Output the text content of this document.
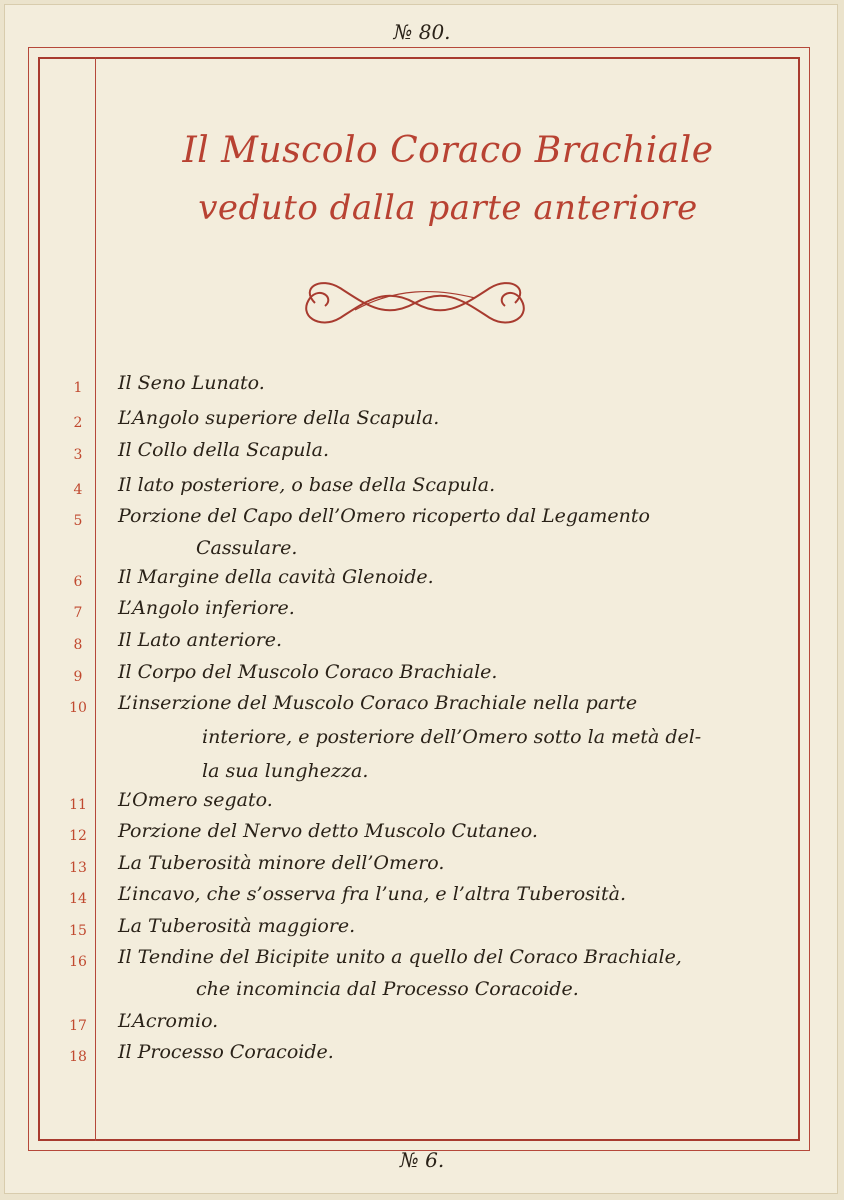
№ 80.
Il Muscolo Coraco Brachiale
veduto dalla parte anteriore
1	Il Seno Lunato.
2	L’Angolo superiore della Scapula.
3	Il Collo della Scapula.
4	Il lato posteriore, o base della Scapula.
5	Porzione del Capo dell’Omero ricoperto dal Legamento
Cassulare.
6	Il Margine della cavità Glenoide.
7	L’Angolo inferiore.
8	Il Lato anteriore.
9	Il Corpo del Muscolo Coraco Brachiale.
10	L’inserzione del Muscolo Coraco Brachiale nella parte
interiore, e posteriore dell’Omero sotto la metà del-
la sua lunghezza.
11	L’Omero segato.
12	Porzione del Nervo detto Muscolo Cutaneo.
13	La Tuberosità minore dell’Omero.
14	L’incavo, che s’osserva fra l’una, e l’altra Tuberosità.
15	La Tuberosità maggiore.
16	Il Tendine del Bicipite unito a quello del Coraco Brachiale,
che incomincia dal Processo Coracoide.
17	L’Acromio.
18	Il Processo Coracoide.
№ 6.
